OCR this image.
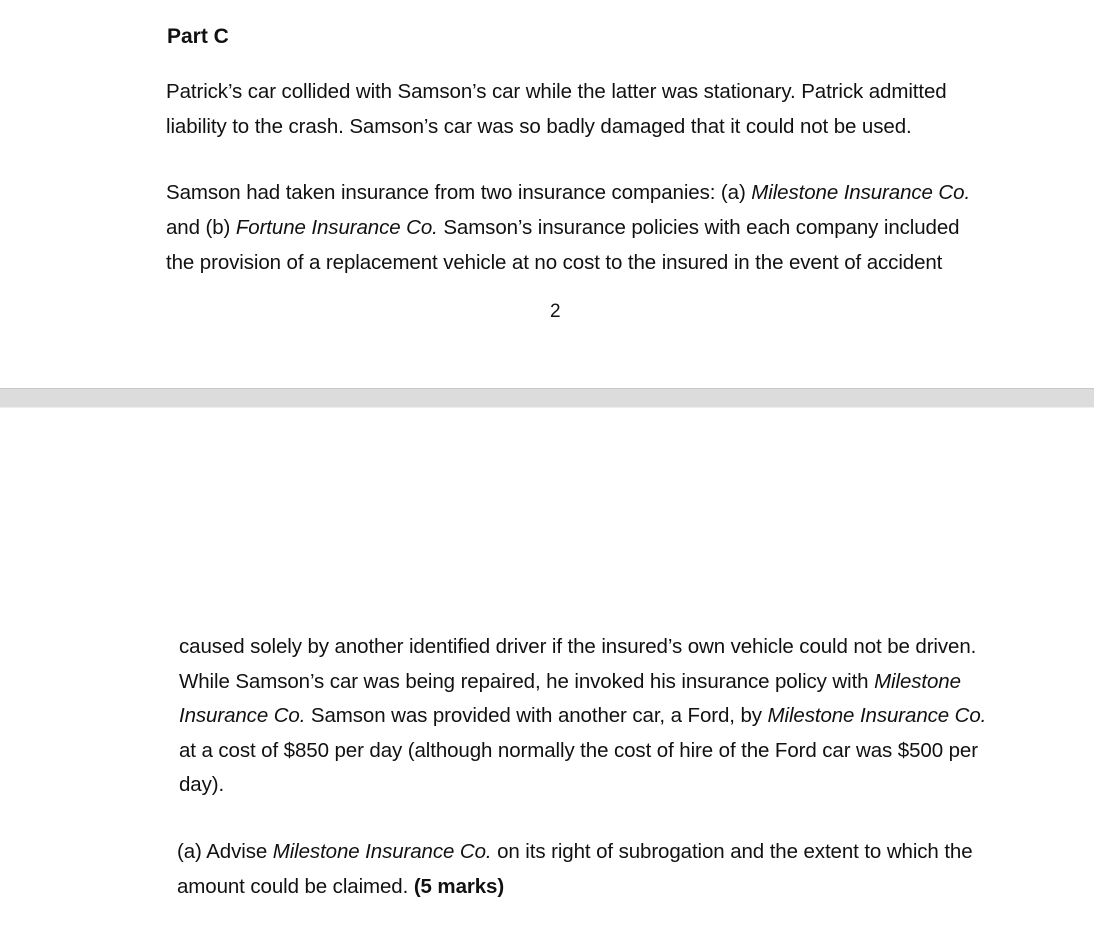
Part C

Patrick’s car collided with Samson’s car while the latter was stationary. Patrick admitted
liability to the crash. Samson’s car was so badly damaged that it could not be used.

Samson had taken insurance from two insurance companies: (a) Milestone Insurance Co.
and (b) Fortune Insurance Co. Samson’s insurance policies with each company included
the provision of a replacement vehicle at no cost to the insured in the event of accident

2

caused solely by another identified driver if the insured’s own vehicle could not be driven.
While Samson’s car was being repaired, he invoked his insurance policy with Milestone
Insurance Co. Samson was provided with another car, a Ford, by Milestone Insurance Co.
at a cost of $850 per day (although normally the cost of hire of the Ford car was $500 per
day).

(a) Advise Milestone Insurance Co. on its right of subrogation and the extent to which the
amount could be claimed. (5 marks)
